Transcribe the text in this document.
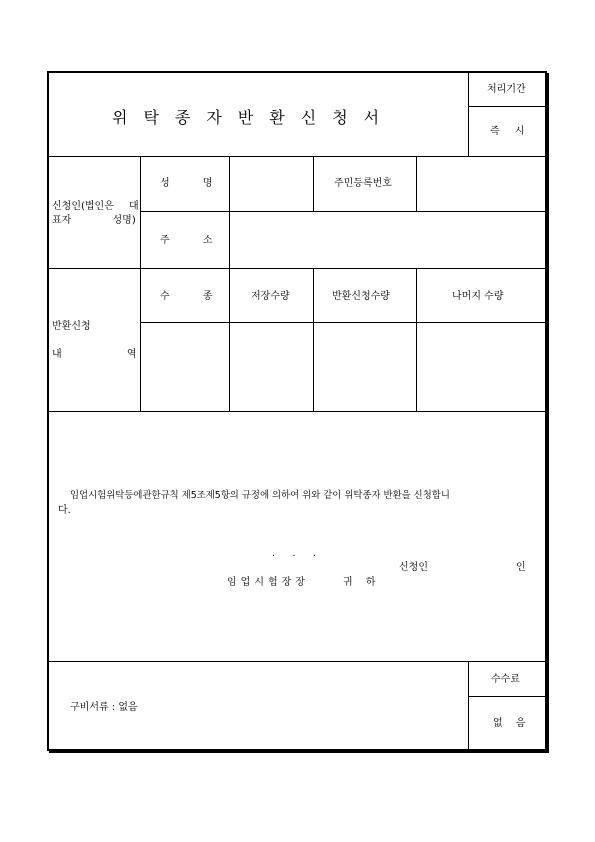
위탁종자반환신청서
처리기간
즉 시
신청인(법인은 대
표자 성명)
성 명	주민등록번호
주 소
반환신청
내 역
수 종	저장수량	반환신청수량	나머지 수량
임업시험위탁등에관한규칙 제5조제5항의 규정에 의하여 위와 같이 위탁종자 반환을 신청합니
다.
. . .
신청인	인
임업시험장장	귀 하
구비서류 : 없음
수수료
없 음
